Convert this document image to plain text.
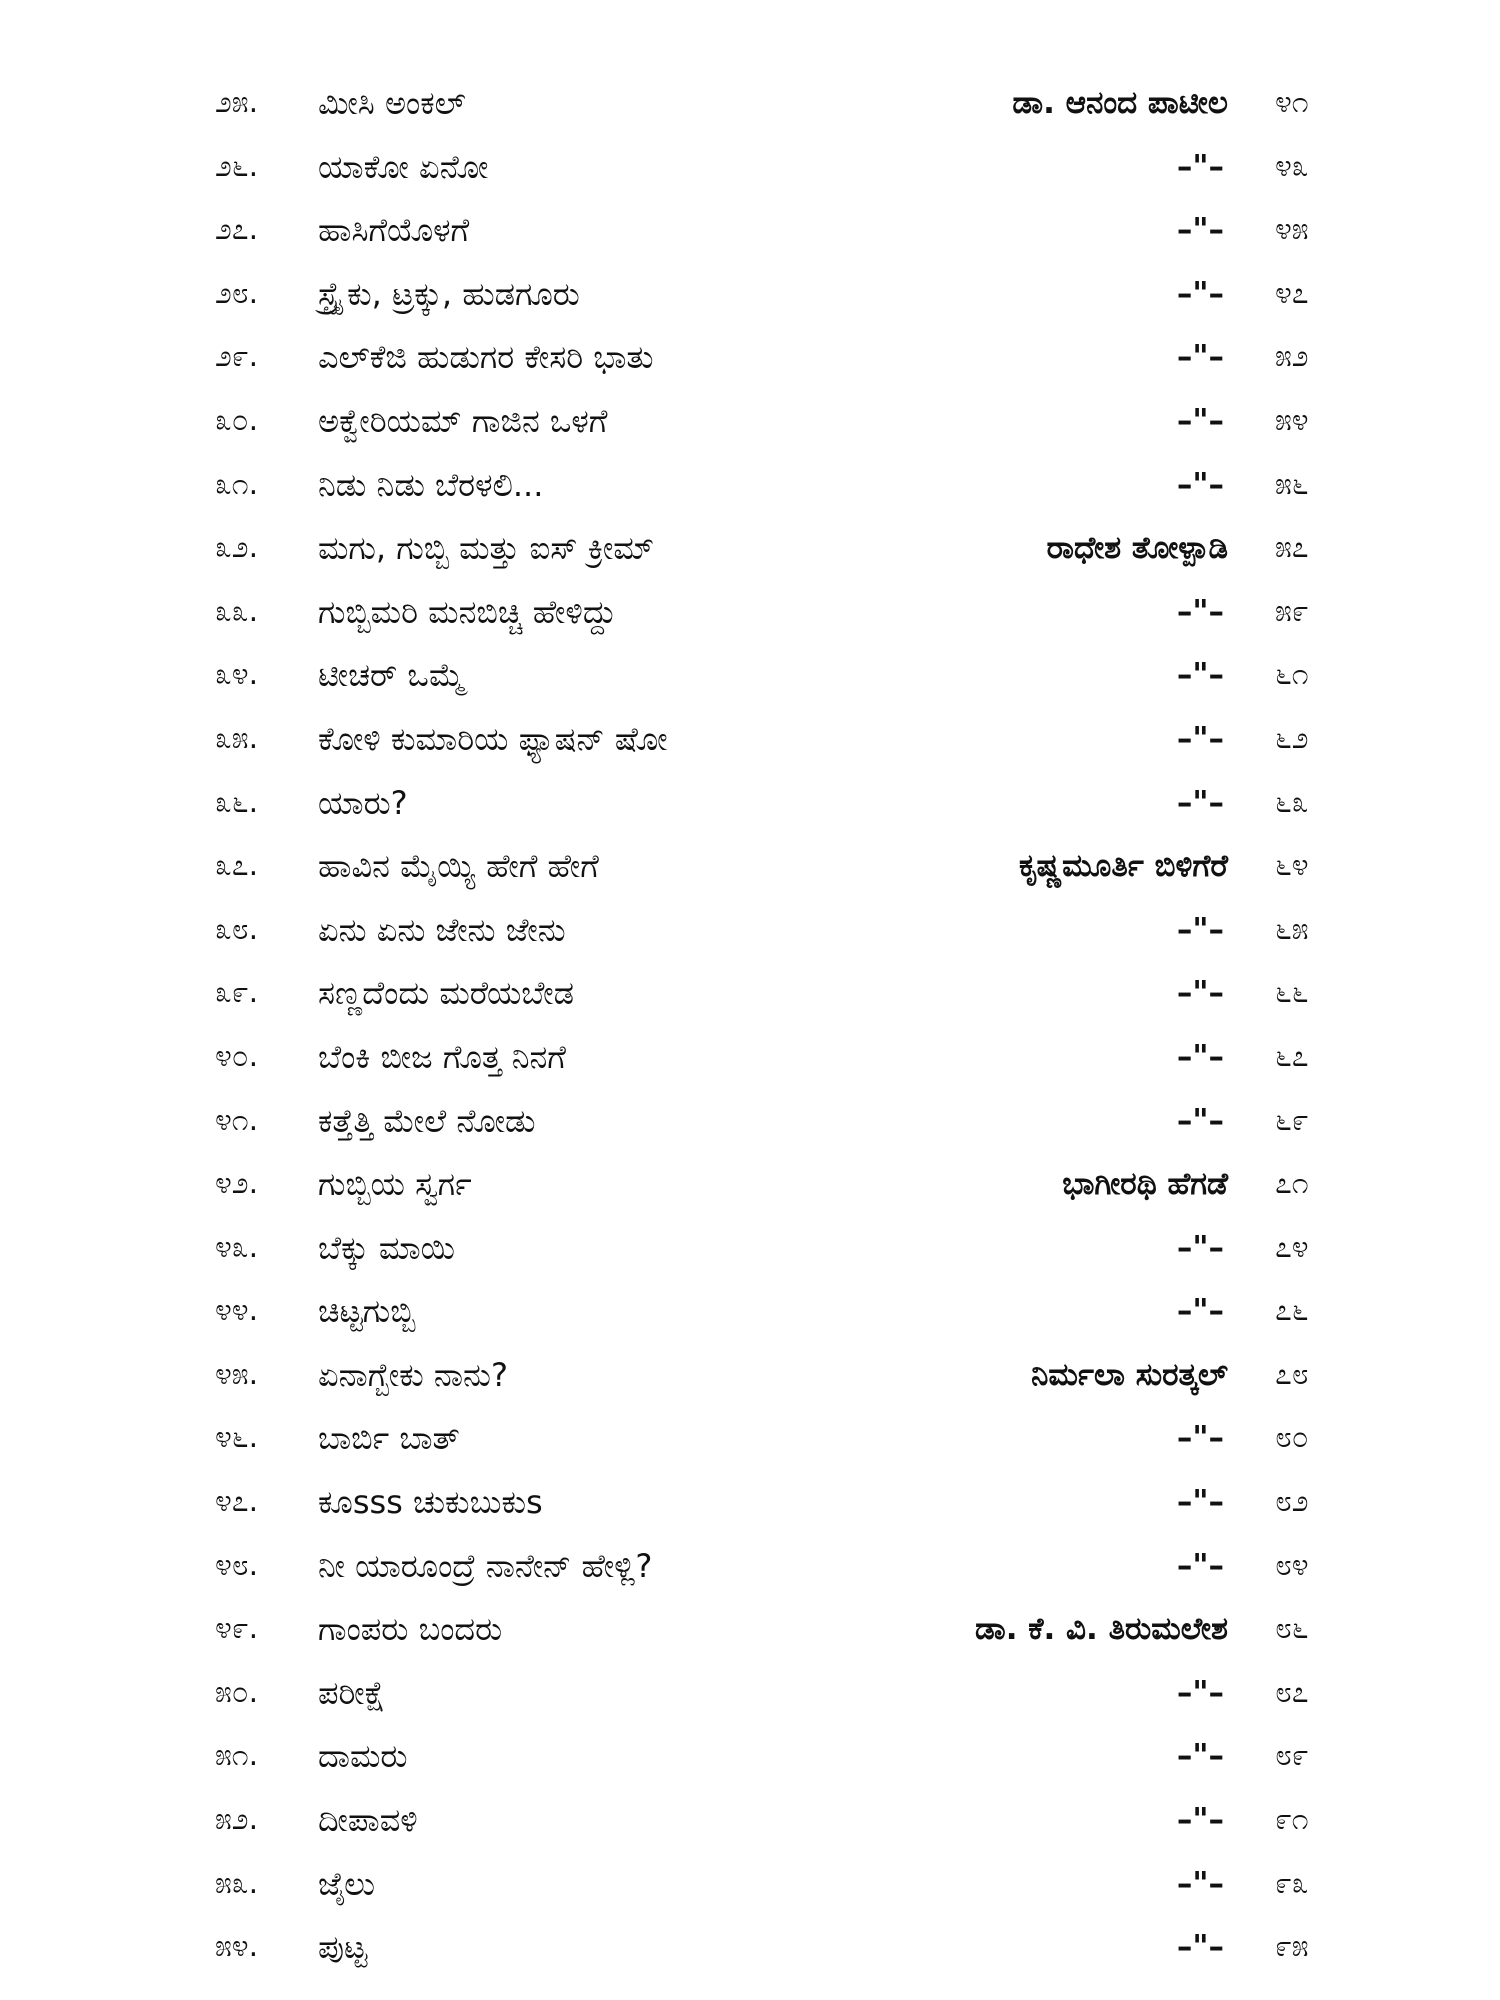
೨೫. ಮೀಸಿ ಅಂಕಲ್	ಡಾ. ಆನಂದ ಪಾಟೀಲ ೪೧
೨೬. ಯಾಕೋ ಏನೋ	–"– ೪೩
೨೭. ಹಾಸಿಗೆಯೊಳಗೆ	–"– ೪೫
೨೮. ಸ್ಟ್ರೈಕು, ಟ್ರಕ್ಕು, ಹುಡಗೂರು	–"– ೪೭
೨೯. ಎಲ್‌ಕೆಜಿ ಹುಡುಗರ ಕೇಸರಿ ಭಾತು	–"– ೫೨
೩೦. ಅಕ್ವೇರಿಯಮ್ ಗಾಜಿನ ಒಳಗೆ	–"– ೫೪
೩೧. ನಿಡು ನಿಡು ಬೆರಳಲಿ...	–"– ೫೬
೩೨. ಮಗು, ಗುಬ್ಬಿ ಮತ್ತು ಐಸ್ ಕ್ರೀಮ್	ರಾಧೇಶ ತೋಳ್ಪಾಡಿ ೫೭
೩೩. ಗುಬ್ಬಿಮರಿ ಮನಬಿಚ್ಚಿ ಹೇಳಿದ್ದು	–"– ೫೯
೩೪. ಟೀಚರ್ ಒಮ್ಮೆ	–"– ೬೧
೩೫. ಕೋಳಿ ಕುಮಾರಿಯ ಫ್ಯಾಷನ್ ಷೋ	–"– ೬೨
೩೬. ಯಾರು?	–"– ೬೩
೩೭. ಹಾವಿನ ಮೈಯ್ಯಿ ಹೇಗೆ ಹೇಗೆ	ಕೃಷ್ಣಮೂರ್ತಿ ಬಿಳಿಗೆರೆ ೬೪
೩೮. ಏನು ಏನು ಜೇನು ಜೇನು	–"– ೬೫
೩೯. ಸಣ್ಣದೆಂದು ಮರೆಯಬೇಡ	–"– ೬೬
೪೦. ಬೆಂಕಿ ಬೀಜ ಗೊತ್ತ ನಿನಗೆ	–"– ೬೭
೪೧. ಕತ್ತೆತ್ತಿ ಮೇಲೆ ನೋಡು	–"– ೬೯
೪೨. ಗುಬ್ಬಿಯ ಸ್ವರ್ಗ	ಭಾಗೀರಥಿ ಹೆಗಡೆ ೭೧
೪೩. ಬೆಕ್ಕು ಮಾಯಿ	–"– ೭೪
೪೪. ಚಿಟ್ಟಗುಬ್ಬಿ	–"– ೭೬
೪೫. ಏನಾಗ್ಬೇಕು ನಾನು?	ನಿರ್ಮಲಾ ಸುರತ್ಕಲ್ ೭೮
೪೬. ಬಾರ್ಬಿ ಬಾತ್	–"– ೮೦
೪೭. ಕೂsss ಚುಕುಬುಕುs	–"– ೮೨
೪೮. ನೀ ಯಾರೂಂದ್ರೆ ನಾನೇನ್ ಹೇಳ್ಲಿ?	–"– ೮೪
೪೯. ಗಾಂಪರು ಬಂದರು	ಡಾ. ಕೆ. ವಿ. ತಿರುಮಲೇಶ ೮೬
೫೦. ಪರೀಕ್ಷೆ	–"– ೮೭
೫೧. ದಾಮರು	–"– ೮೯
೫೨. ದೀಪಾವಳಿ	–"– ೯೧
೫೩. ಜೈಲು	–"– ೯೩
೫೪. ಪುಟ್ಟ	–"– ೯೫
